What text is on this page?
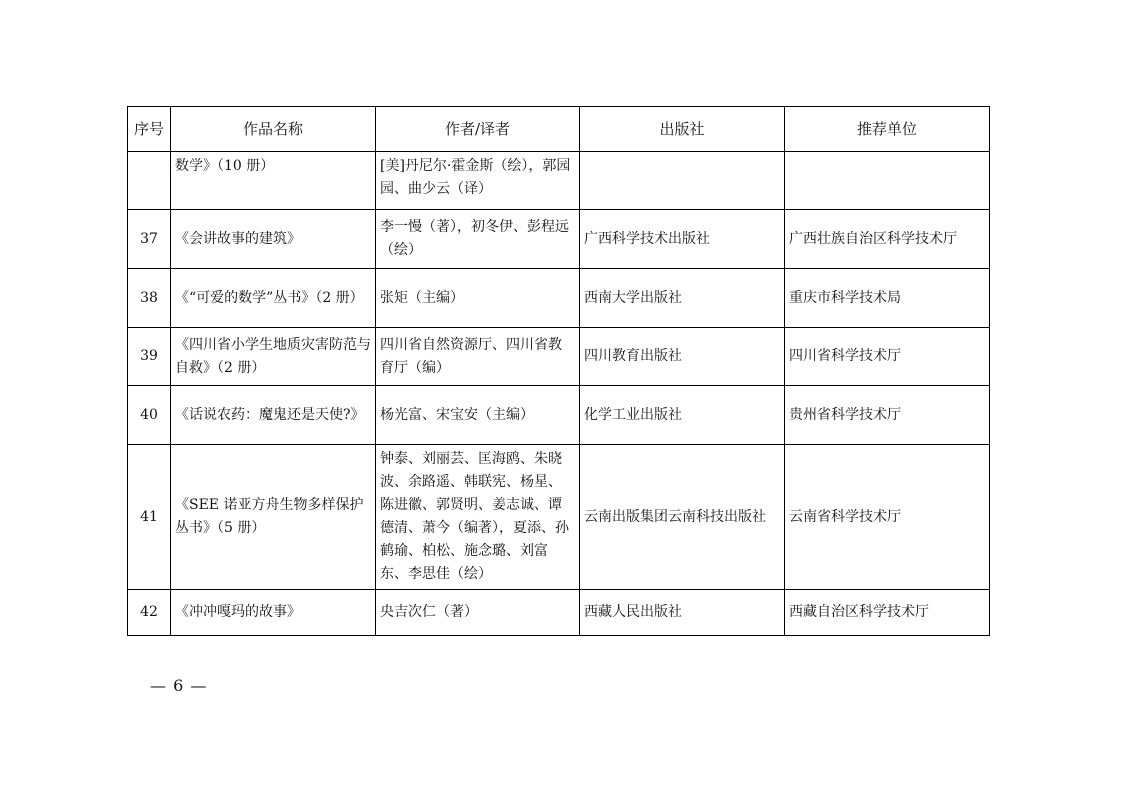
序号	作品名称	作者/译者	出版社	推荐单位
	数学》（10 册）	[美]丹尼尔·霍金斯（绘），郭园园、曲少云（译）		
37	《会讲故事的建筑》	李一慢（著），初冬伊、彭程远（绘）	广西科学技术出版社	广西壮族自治区科学技术厅
38	《“可爱的数学”丛书》（2 册）	张矩（主编）	西南大学出版社	重庆市科学技术局
39	《四川省小学生地质灾害防范与自救》（2 册）	四川省自然资源厅、四川省教育厅（编）	四川教育出版社	四川省科学技术厅
40	《话说农药：魔鬼还是天使?》	杨光富、宋宝安（主编）	化学工业出版社	贵州省科学技术厅
41	《SEE 诺亚方舟生物多样保护丛书》（5 册）	钟泰、刘丽芸、匡海鸥、朱晓波、余路遥、韩联宪、杨星、陈进徽、郭贤明、姜志诚、谭德清、萧今（编著），夏添、孙鹤瑜、柏松、施念璐、刘富东、李思佳（绘）	云南出版集团云南科技出版社	云南省科学技术厅
42	《冲冲嘎玛的故事》	央吉次仁（著）	西藏人民出版社	西藏自治区科学技术厅
— 6 —
